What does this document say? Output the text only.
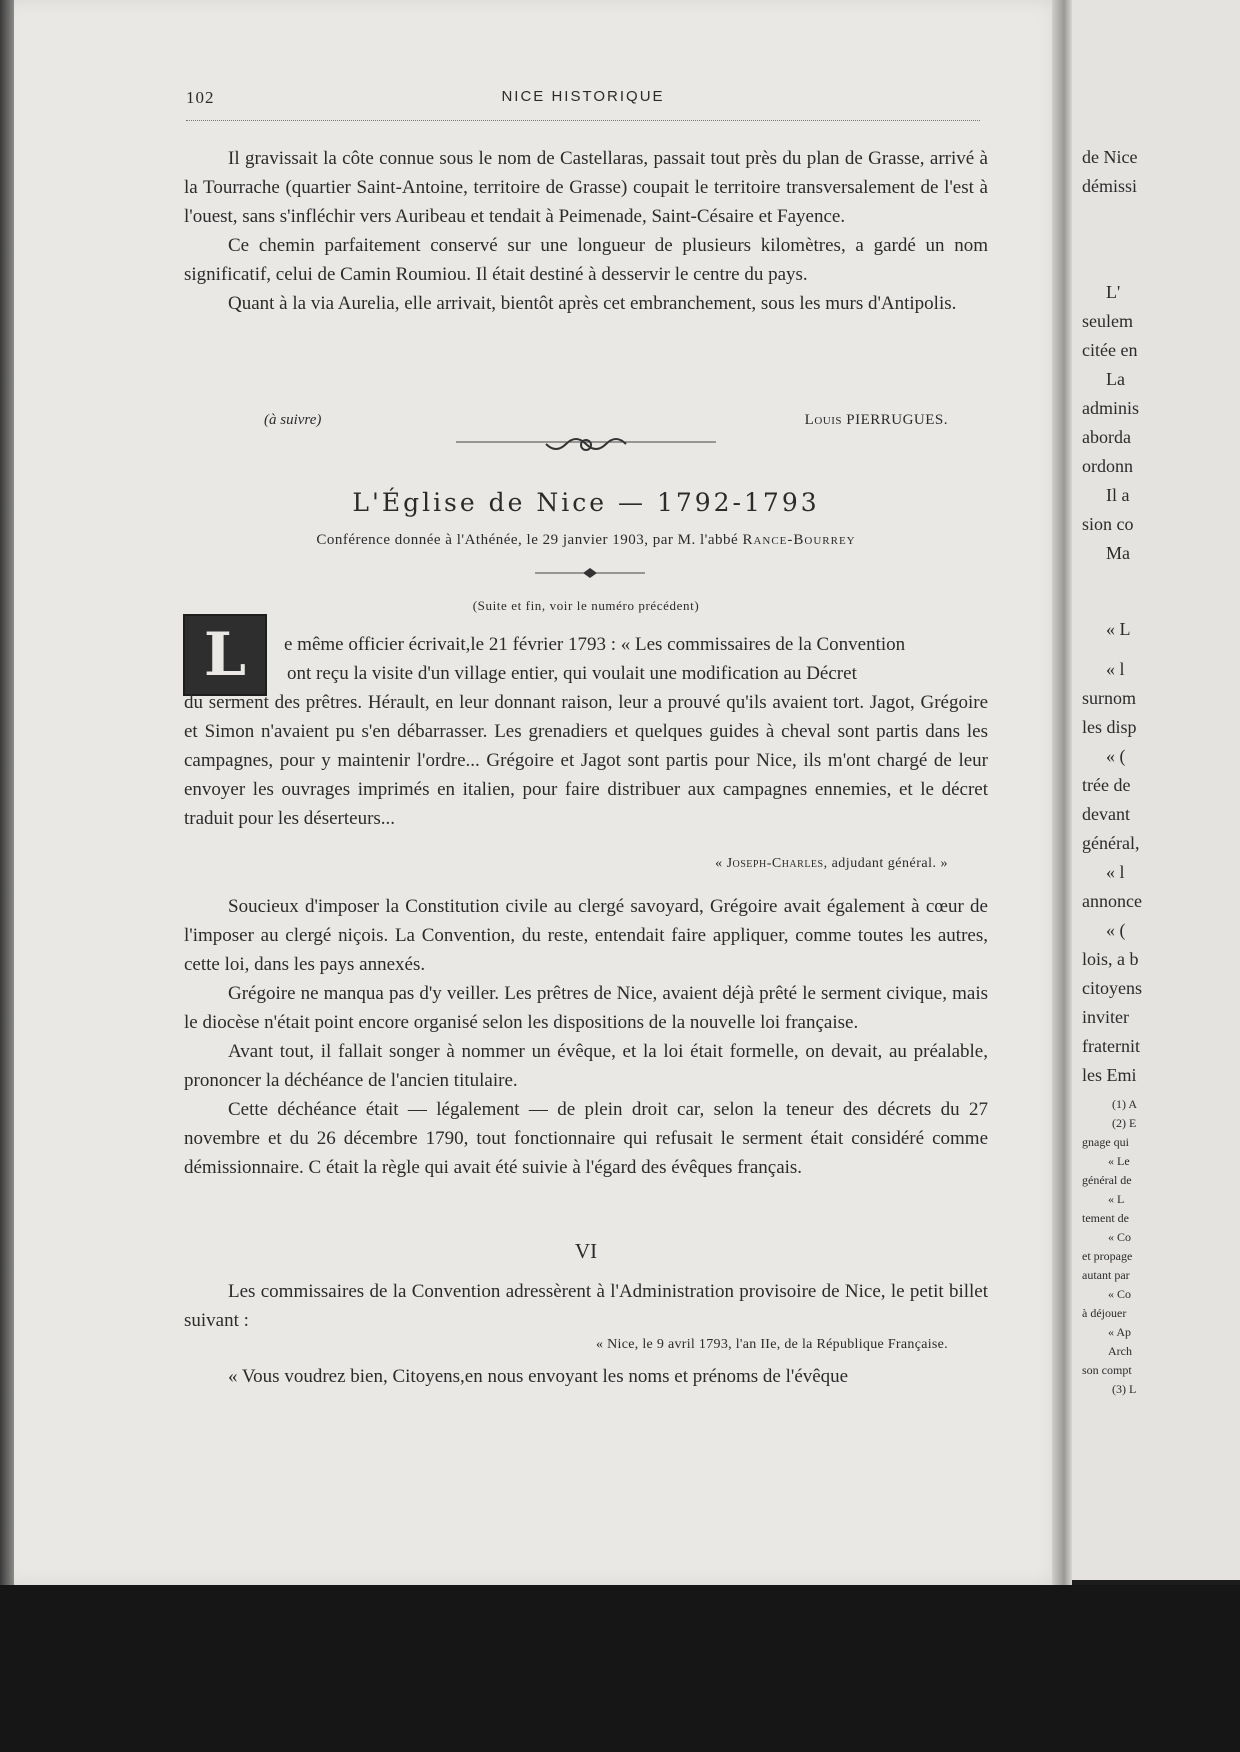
de Nice
démissi
L'
seulem
citée en
La
adminis
aborda
ordonn
Il a
sion co
Ma
« L
« l
surnom
les disp
« (
trée de
devant
général,
« l
annonce
« (
lois, a b
citoyens
inviter
fraternit
les Emi
(1) A
(2) E
gnage qui
« Le
général de
« L
tement de
« Co
et propage
autant par
« Co
à déjouer
« Ap
Arch
son compt
(3) L
102	NICE HISTORIQUE

Il gravissait la côte connue sous le nom de Castellaras, passait tout près du plan de Grasse, arrivé à la Tourrache (quartier Saint-Antoine, territoire de Grasse) coupait le territoire transversalement de l'est à l'ouest, sans s'infléchir vers Auribeau et tendait à Peimenade, Saint-Césaire et Fayence.

Ce chemin parfaitement conservé sur une longueur de plusieurs kilomètres, a gardé un nom significatif, celui de Camin Roumiou. Il était destiné à desservir le centre du pays.

Quant à la via Aurelia, elle arrivait, bientôt après cet embranchement, sous les murs d'Antipolis.

(à suivre)	Louis PIERRUGUES.
L'Église de Nice — 1792-1793
Conférence donnée à l'Athénée, le 29 janvier 1903, par M. l'abbé Rance-Bourrey
(Suite et fin, voir le numéro précédent)
L	e même officier écrivait,le 21 février 1793 : « Les commissaires de la Convention
ont reçu la visite d'un village entier, qui voulait une modification au Décret
du serment des prêtres. Hérault, en leur donnant raison, leur a prouvé qu'ils avaient tort. Jagot, Grégoire et Simon n'avaient pu s'en débarrasser. Les grenadiers et quelques guides à cheval sont partis dans les campagnes, pour y maintenir l'ordre... Grégoire et Jagot sont partis pour Nice, ils m'ont chargé de leur envoyer les ouvrages imprimés en italien, pour faire distribuer aux campagnes ennemies, et le décret traduit pour les déserteurs...
« Joseph-Charles, adjudant général. »

Soucieux d'imposer la Constitution civile au clergé savoyard, Grégoire avait également à cœur de l'imposer au clergé niçois. La Convention, du reste, entendait faire appliquer, comme toutes les autres, cette loi, dans les pays annexés.

Grégoire ne manqua pas d'y veiller. Les prêtres de Nice, avaient déjà prêté le serment civique, mais le diocèse n'était point encore organisé selon les dispositions de la nouvelle loi française.

Avant tout, il fallait songer à nommer un évêque, et la loi était formelle, on devait, au préalable, prononcer la déchéance de l'ancien titulaire.

Cette déchéance était — légalement — de plein droit car, selon la teneur des décrets du 27 novembre et du 26 décembre 1790, tout fonctionnaire qui refusait le serment était considéré comme démissionnaire. C était la règle qui avait été suivie à l'égard des évêques français.

VI

Les commissaires de la Convention adressèrent à l'Administration provisoire de Nice, le petit billet suivant :

« Nice, le 9 avril 1793, l'an IIe, de la République Française.

« Vous voudrez bien, Citoyens,en nous envoyant les noms et prénoms de l'évêque
